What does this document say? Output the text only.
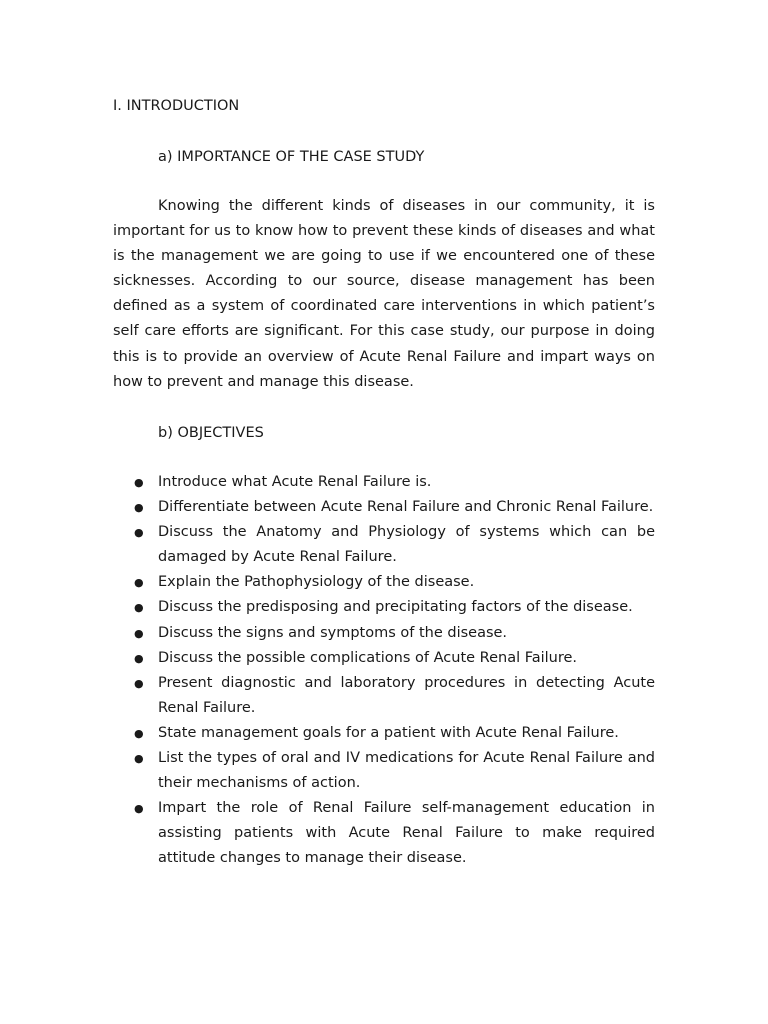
I. INTRODUCTION
a) IMPORTANCE OF THE CASE STUDY

Knowing the different kinds of diseases in our community, it is important for us to know how to prevent these kinds of diseases and what is the management we are going to use if we encountered one of these sicknesses. According to our source, disease management has been defined as a system of coordinated care interventions in which patient’s self care efforts are significant. For this case study, our purpose in doing this is to provide an overview of Acute Renal Failure and impart ways on how to prevent and manage this disease.

b) OBJECTIVES
● Introduce what Acute Renal Failure is.
● Differentiate between Acute Renal Failure and Chronic Renal Failure.
● Discuss the Anatomy and Physiology of systems which can be damaged by Acute Renal Failure.
● Explain the Pathophysiology of the disease.
● Discuss the predisposing and precipitating factors of the disease.
● Discuss the signs and symptoms of the disease.
● Discuss the possible complications of Acute Renal Failure.
● Present diagnostic and laboratory procedures in detecting Acute Renal Failure.
● State management goals for a patient with Acute Renal Failure.
● List the types of oral and IV medications for Acute Renal Failure and their mechanisms of action.
● Impart the role of Renal Failure self-management education in assisting patients with Acute Renal Failure to make required attitude changes to manage their disease.
